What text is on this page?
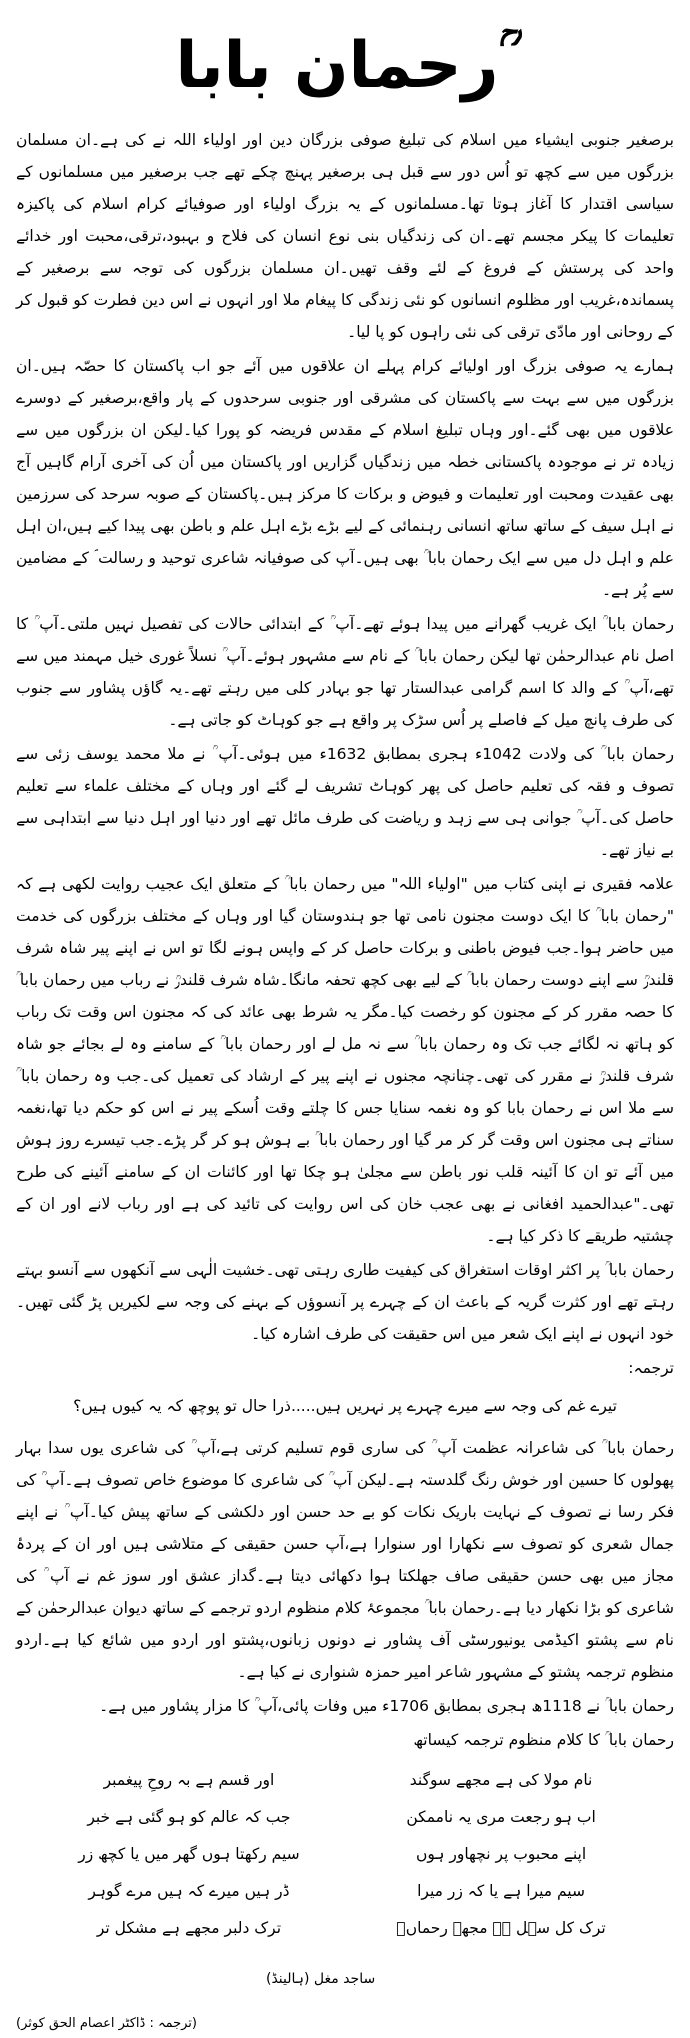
رحمان بابا ؒ

برصغیر جنوبی ایشیاء میں اسلام کی تبلیغ صوفی بزرگان دین اور اولیاء اللہ نے کی ہے۔ان مسلمان بزرگوں میں سے کچھ تو اُس دور سے قبل ہی برصغیر پہنچ چکے تھے جب برصغیر میں مسلمانوں کے سیاسی اقتدار کا آغاز ہوتا تھا۔مسلمانوں کے یہ بزرگ اولیاء اور صوفیائے کرام اسلام کی پاکیزہ تعلیمات کا پیکر مجسم تھے۔ان کی زندگیاں بنی نوع انسان کی فلاح و بہبود،ترقی،محبت اور خدائے واحد کی پرستش کے فروغ کے لئے وقف تھیں۔ان مسلمان بزرگوں کی توجہ سے برصغیر کے پسماندہ،غریب اور مظلوم انسانوں کو نئی زندگی کا پیغام ملا اور انہوں نے اس دین فطرت کو قبول کر کے روحانی اور مادّی ترقی کی نئی راہوں کو پا لیا۔

ہمارے یہ صوفی بزرگ اور اولیائے کرام پہلے ان علاقوں میں آئے جو اب پاکستان کا حصّہ ہیں۔ان بزرگوں میں سے بہت سے پاکستان کی مشرقی اور جنوبی سرحدوں کے پار واقع،برصغیر کے دوسرے علاقوں میں بھی گئے۔اور وہاں تبلیغ اسلام کے مقدس فریضہ کو پورا کیا۔لیکن ان بزرگوں میں سے زیادہ تر نے موجودہ پاکستانی خطہ میں زندگیاں گزاریں اور پاکستان میں اُن کی آخری آرام گاہیں آج بھی عقیدت ومحبت اور تعلیمات و فیوض و برکات کا مرکز ہیں۔پاکستان کے صوبہ سرحد کی سرزمین نے اہل سیف کے ساتھ ساتھ انسانی رہنمائی کے لیے بڑے بڑے اہل علم و باطن بھی پیدا کیے ہیں،ان اہل علم و اہل دل میں سے ایک رحمان بابا ؒ بھی ہیں۔آپ کی صوفیانہ شاعری توحید و رسالت ؐ کے مضامین سے پُر ہے۔

رحمان بابا ؒ ایک غریب گھرانے میں پیدا ہوئے تھے۔آپ ؒ کے ابتدائی حالات کی تفصیل نہیں ملتی۔آپ ؒ کا اصل نام عبدالرحمٰن تھا لیکن رحمان بابا ؒ کے نام سے مشہور ہوئے۔آپ ؒ نسلاً غوری خیل مہمند میں سے تھے،آپ ؒ کے والد کا اسم گرامی عبدالستار تھا جو بہادر کلی میں رہتے تھے۔یہ گاؤں پشاور سے جنوب کی طرف پانچ میل کے فاصلے پر اُس سڑک پر واقع ہے جو کوہاٹ کو جاتی ہے۔

رحمان بابا ؒ کی ولادت 1042ء ہجری بمطابق 1632ء میں ہوئی۔آپ ؒ نے ملا محمد یوسف زئی سے تصوف و فقہ کی تعلیم حاصل کی پھر کوہاٹ تشریف لے گئے اور وہاں کے مختلف علماء سے تعلیم حاصل کی۔آپ ؒ جوانی ہی سے زہد و ریاضت کی طرف مائل تھے اور دنیا اور اہل دنیا سے ابتداہی سے بے نیاز تھے۔

علامہ فقیری نے اپنی کتاب میں "اولیاء اللہ" میں رحمان بابا ؒ کے متعلق ایک عجیب روایت لکھی ہے کہ "رحمان بابا ؒ کا ایک دوست مجنون نامی تھا جو ہندوستان گیا اور وہاں کے مختلف بزرگوں کی خدمت میں حاضر ہوا۔جب فیوض باطنی و برکات حاصل کر کے واپس ہونے لگا تو اس نے اپنے پیر شاہ شرف قلندرؒ سے اپنے دوست رحمان بابا ؒ کے لیے بھی کچھ تحفہ مانگا۔شاہ شرف قلندرؒ نے رباب میں رحمان بابا ؒ کا حصہ مقرر کر کے مجنون کو رخصت کیا۔مگر یہ شرط بھی عائد کی کہ مجنون اس وقت تک رباب کو ہاتھ نہ لگائے جب تک وہ رحمان بابا ؒ سے نہ مل لے اور رحمان بابا ؒ کے سامنے وہ لے بجائے جو شاہ شرف قلندرؒ نے مقرر کی تھی۔چنانچہ مجنوں نے اپنے پیر کے ارشاد کی تعمیل کی۔جب وہ رحمان بابا ؒ سے ملا اس نے رحمان بابا کو وہ نغمہ سنایا جس کا چلتے وقت اُسکے پیر نے اس کو حکم دیا تھا،نغمہ سناتے ہی مجنون اس وقت گر کر مر گیا اور رحمان بابا ؒ بے ہوش ہو کر گر پڑے۔جب تیسرے روز ہوش میں آئے تو ان کا آئینہ قلب نور باطن سے مجلیٰ ہو چکا تھا اور کائنات ان کے سامنے آئینے کی طرح تھی۔"عبدالحمید افغانی نے بھی عجب خان کی اس روایت کی تائید کی ہے اور رباب لانے اور ان کے چشتیہ طریقے کا ذکر کیا ہے۔

رحمان بابا ؒ پر اکثر اوقات استغراق کی کیفیت طاری رہتی تھی۔خشیت الٰہی سے آنکھوں سے آنسو بہتے رہتے تھے اور کثرت گریہ کے باعث ان کے چہرے پر آنسوؤں کے بہنے کی وجہ سے لکیریں پڑ گئی تھیں۔خود انہوں نے اپنے ایک شعر میں اس حقیقت کی طرف اشارہ کیا۔

ترجمہ:
تیرے غم کی وجہ سے میرے چہرے پر نہریں ہیں.....ذرا حال تو پوچھ کہ یہ کیوں ہیں؟

رحمان بابا ؒ کی شاعرانہ عظمت آپ ؒ کی ساری قوم تسلیم کرتی ہے،آپ ؒ کی شاعری یوں سدا بہار پھولوں کا حسین اور خوش رنگ گلدستہ ہے۔لیکن آپ ؒ کی شاعری کا موضوع خاص تصوف ہے۔آپ ؒ کی فکر رسا نے تصوف کے نہایت باریک نکات کو بے حد حسن اور دلکشی کے ساتھ پیش کیا۔آپ ؒ نے اپنے جمال شعری کو تصوف سے نکھارا اور سنوارا ہے،آپ حسن حقیقی کے متلاشی ہیں اور ان کے پردۂ مجاز میں بھی حسن حقیقی صاف جھلکتا ہوا دکھائی دیتا ہے۔گداز عشق اور سوز غم نے آپ ؒ کی شاعری کو بڑا نکھار دیا ہے۔رحمان بابا ؒ مجموعۂ کلام منظوم اردو ترجمے کے ساتھ دیوان عبدالرحمٰن کے نام سے پشتو اکیڈمی یونیورسٹی آف پشاور نے دونوں زبانوں،پشتو اور اردو میں شائع کیا ہے۔اردو منظوم ترجمہ پشتو کے مشہور شاعر امیر حمزہ شنواری نے کیا ہے۔

رحمان بابا ؒ نے 1118ھ ہجری بمطابق 1706ء میں وفات پائی،آپ ؒ کا مزار پشاور میں ہے۔

رحمان بابا ؒ کا کلام منظوم ترجمہ کیساتھ

نام مولا کی ہے مجھے سوگند
اور قسم ہے بہ روحِ پیغمبر
اب ہو رجعت مری یہ ناممکن
جب کہ عالم کو ہو گئی ہے خبر
اپنے محبوب پر نچھاور ہوں
سیم رکھتا ہوں گھر میں یا کچھ زر
سیم میرا ہے یا کہ زر میرا
ڈر ہیں میرے کہ ہیں مرے گوہر
ترک کل سہل ہے مجھے رحماںؔ
ترک دلبر مجھے ہے مشکل تر
ساجد مغل (ہالینڈ)
(ترجمہ : ڈاکٹر اعصام الحق کوثر)
